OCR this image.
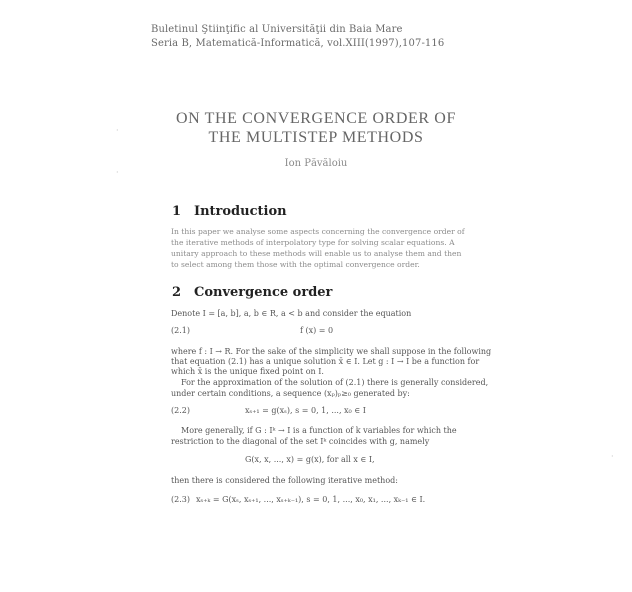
Buletinul Ştiinţific al Universităţii din Baia Mare
Seria B, Matematică-Informatică, vol.XIII(1997),107-116
ON THE CONVERGENCE ORDER OF
THE MULTISTEP METHODS
Ion Păvăloiu
1 Introduction
In this paper we analyse some aspects concerning the convergence order of the iterative methods of interpolatory type for solving scalar equations. A unitary approach to these methods will enable us to analyse them and then to select among them those with the optimal convergence order.
2 Convergence order
Denote I = [a, b], a, b ∈ R, a < b and consider the equation
(2.1)	f (x) = 0
where f : I → R. For the sake of the simplicity we shall suppose in the following
that equation (2.1) has a unique solution x̄ ∈ I. Let g : I → I be a function for
which x̄ is the unique fixed point on I.
For the approximation of the solution of (2.1) there is generally considered,
under certain conditions, a sequence (xₚ)ₚ≥₀ generated by:
(2.2)	xₛ₊₁ = g(xₛ), s = 0, 1, ..., x₀ ∈ I
More generally, if G : Iᵏ → I is a function of k variables for which the
restriction to the diagonal of the set Iᵏ coincides with g, namely
G(x, x, ..., x) = g(x), for all x ∈ I,
then there is considered the following iterative method:
(2.3) xₛ₊ₖ = G(xₛ, xₛ₊₁, ..., xₛ₊ₖ₋₁), s = 0, 1, ..., x₀, x₁, ..., xₖ₋₁ ∈ I.
·
·
·
